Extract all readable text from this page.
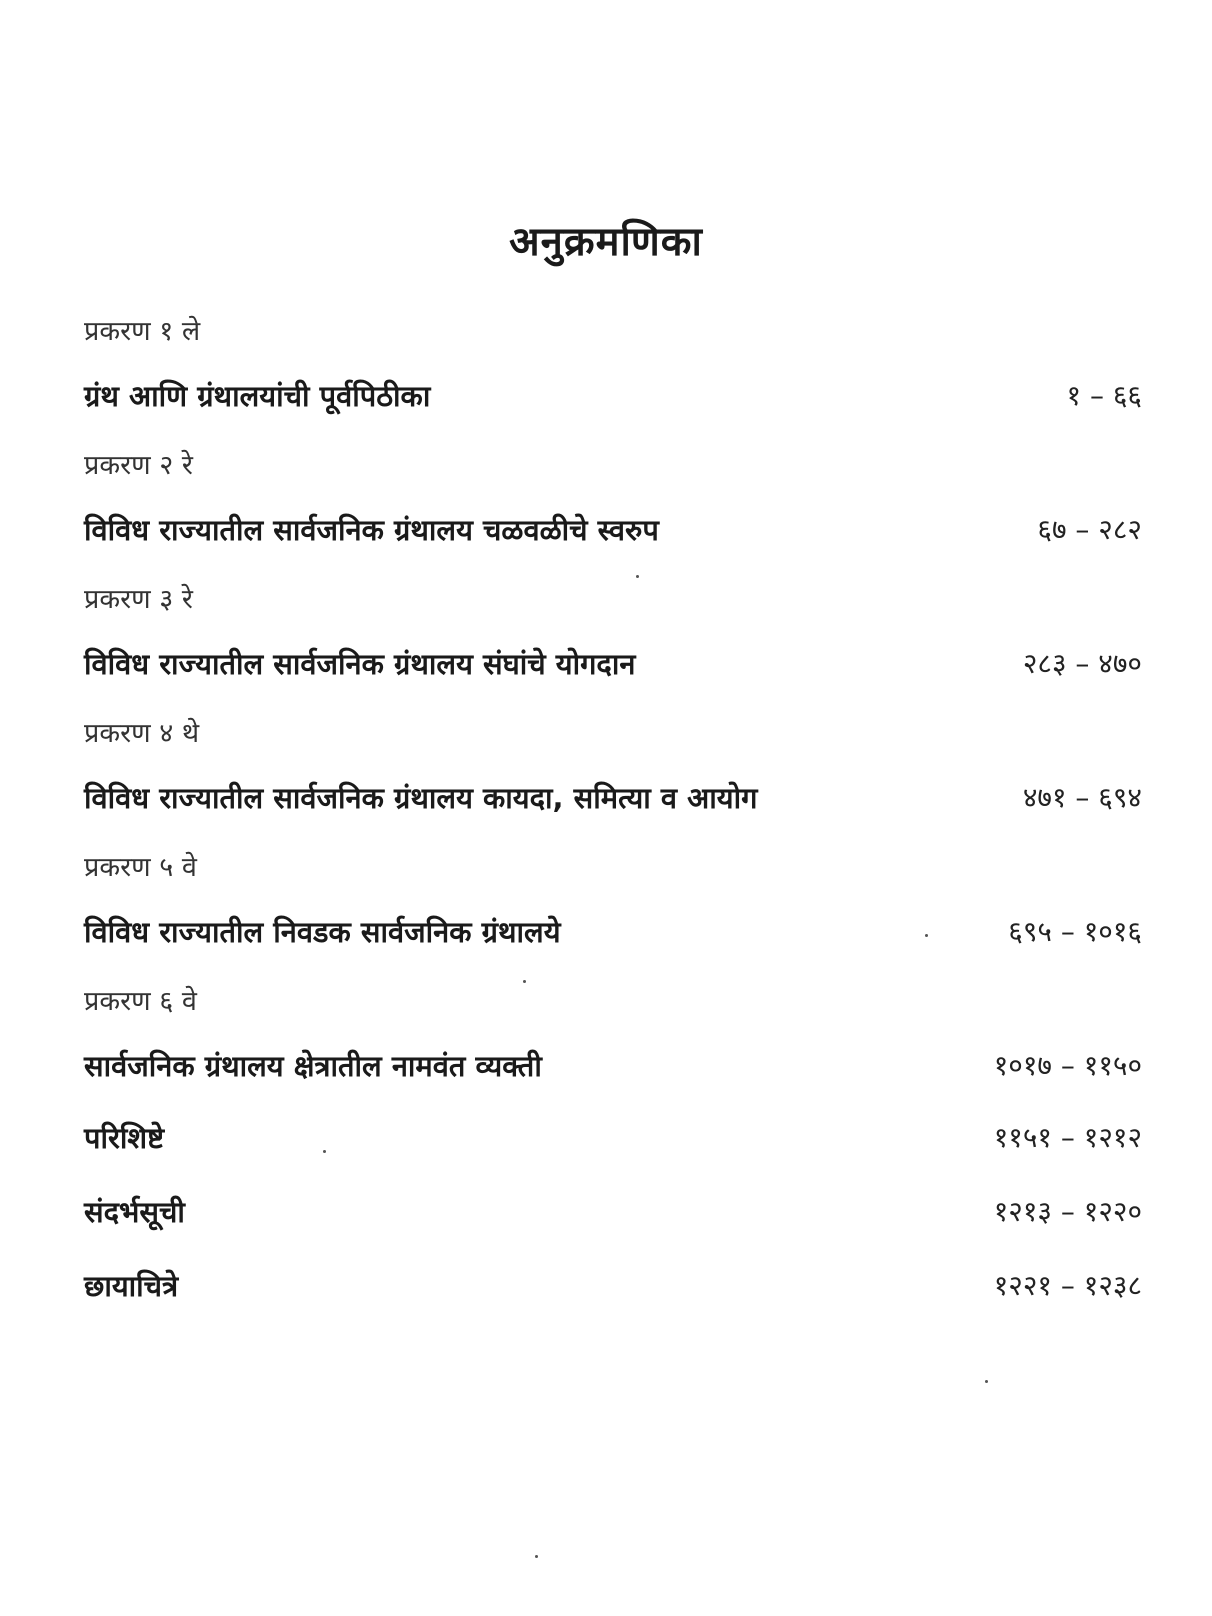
अनुक्रमणिका
प्रकरण १ ले
ग्रंथ आणि ग्रंथालयांची पूर्वपिठीका	१ – ६६
प्रकरण २ रे
विविध राज्यातील सार्वजनिक ग्रंथालय चळवळीचे स्वरुप	६७ – २८२
प्रकरण ३ रे
विविध राज्यातील सार्वजनिक ग्रंथालय संघांचे योगदान	२८३ – ४७०
प्रकरण ४ थे
विविध राज्यातील सार्वजनिक ग्रंथालय कायदा, समित्या व आयोग	४७१ – ६९४
प्रकरण ५ वे
विविध राज्यातील निवडक सार्वजनिक ग्रंथालये	६९५ – १०१६
प्रकरण ६ वे
सार्वजनिक ग्रंथालय क्षेत्रातील नामवंत व्यक्ती	१०१७ – ११५०
परिशिष्टे	११५१ – १२१२
संदर्भसूची	१२१३ – १२२०
छायाचित्रे	१२२१ – १२३८
